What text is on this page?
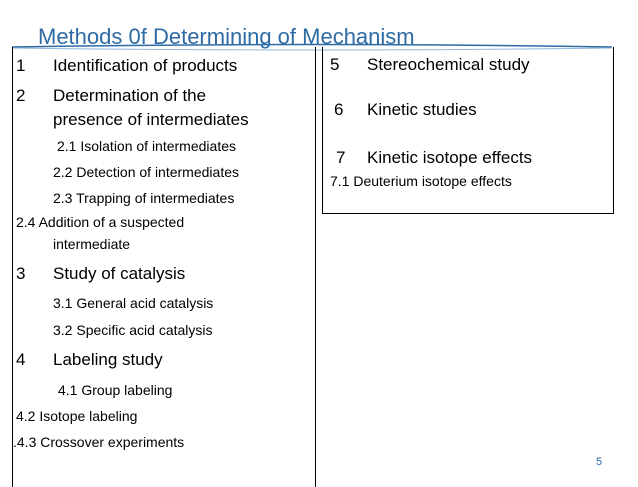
Methods 0f Determining of Mechanism
1 Identification of products
2 Determination of the
presence of intermediates
2.1 Isolation of intermediates
2.2 Detection of intermediates
2.3 Trapping of intermediates
2.4 Addition of a suspected
intermediate
3 Study of catalysis
3.1 General acid catalysis
3.2 Specific acid catalysis
4 Labeling study
4.1 Group labeling
4.2 Isotope labeling
.4.3 Crossover experiments
5 Stereochemical study
6 Kinetic studies
7 Kinetic isotope effects
7.1 Deuterium isotope effects
5
